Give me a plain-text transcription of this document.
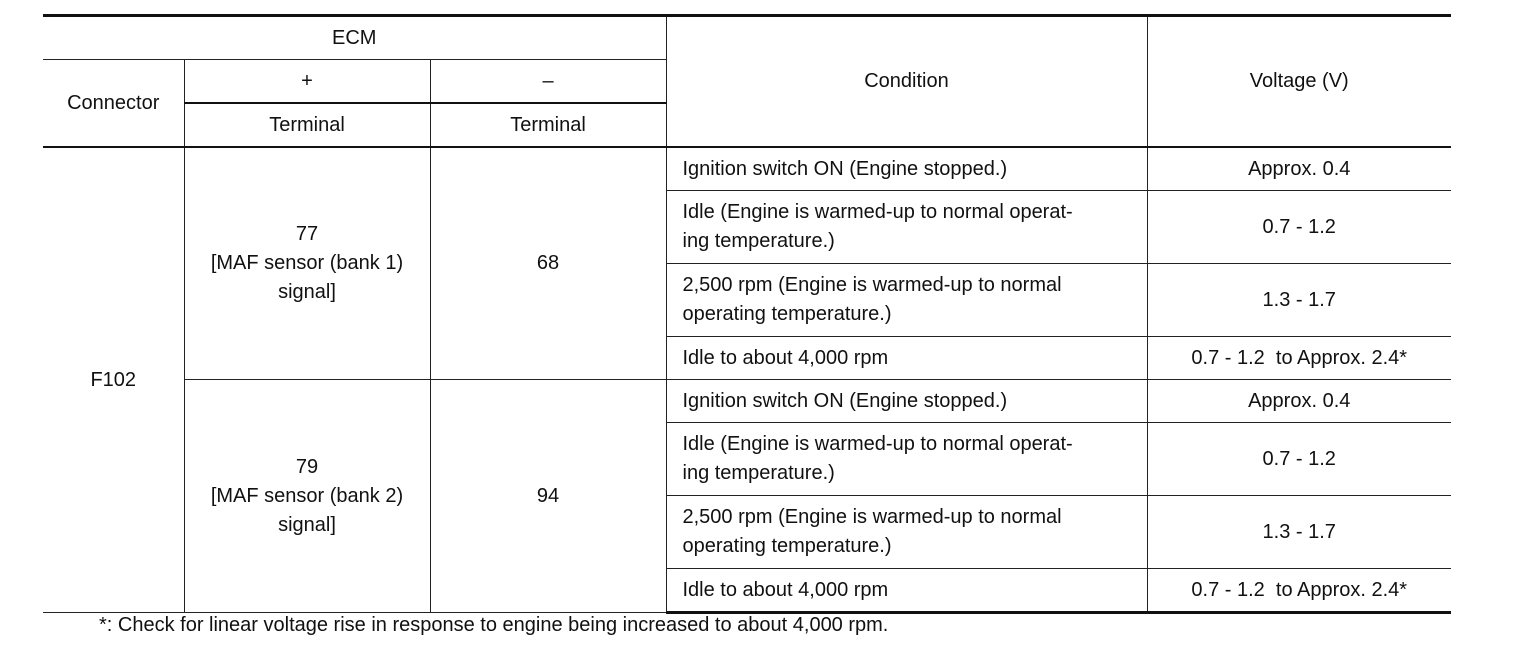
ECM			Condition	Voltage (V)
Connector	+	–		
	Terminal	Terminal		
F102	77
[MAF sensor (bank 1)
signal]	68	Ignition switch ON (Engine stopped.)	Approx. 0.4

			Idle (Engine is warmed-up to normal operat-
ing temperature.)	0.7 - 1.2

			2,500 rpm (Engine is warmed-up to normal
operating temperature.)	1.3 - 1.7
			Idle to about 4,000 rpm	0.7 - 1.2  to Approx. 2.4*

	79
[MAF sensor (bank 2)
signal]	94	Ignition switch ON (Engine stopped.)	Approx. 0.4

			Idle (Engine is warmed-up to normal operat-
ing temperature.)	0.7 - 1.2

			2,500 rpm (Engine is warmed-up to normal
operating temperature.)	1.3 - 1.7
			Idle to about 4,000 rpm	0.7 - 1.2  to Approx. 2.4*
*: Check for linear voltage rise in response to engine being increased to about 4,000 rpm.
